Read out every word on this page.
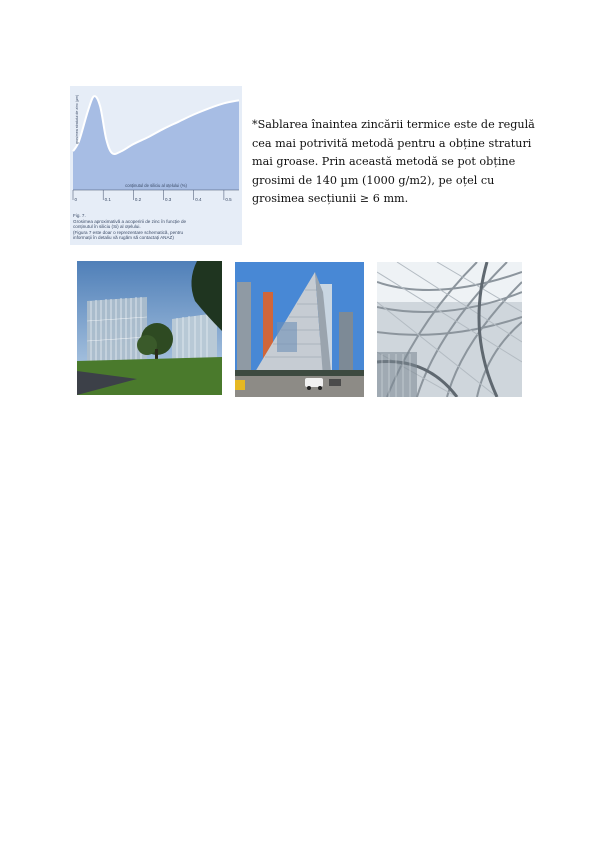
0	0.1	0.2	0.3	0.4	0.5
conținutul de siliciu al oțelului (%)
grosimea stratului de zinc (µm)
Fig. 7.
Grosimea aproximativă a acoperirii de zinc în funcție de
conținutul în siliciu (Si) al oțelului.
(Figura 7 este doar o reprezentare schematică, pentru
informații în detaliu vă rugăm să contactați ANAZ)
*Sablarea înaintea zincării termice este de regulă cea mai potrivită metodă pentru a obține straturi mai groase. Prin această metodă se pot obține grosimi de 140 µm (1000 g/m2), pe oțel cu grosimea secțiunii ≥ 6 mm.
